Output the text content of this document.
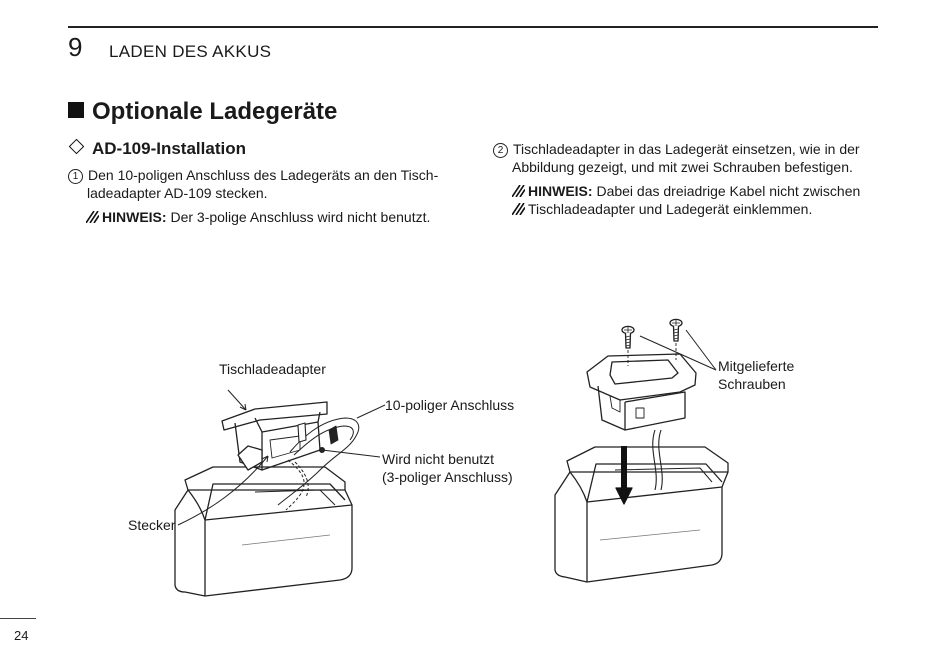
9 LADEN DES AKKUS
Optionale Ladegeräte
AD-109-Installation
1 Den 10-poligen Anschluss des Ladegeräts an den Tisch-
ladeadapter AD-109 stecken.
HINWEIS: Der 3-polige Anschluss wird nicht benutzt.
2 Tischladeadapter in das Ladegerät einsetzen, wie in der
Abbildung gezeigt, und mit zwei Schrauben befestigen.
HINWEIS: Dabei das dreiadrige Kabel nicht zwischen
Tischladeadapter und Ladegerät einklemmen.
Tischladeadapter
10-poliger Anschluss
Wird nicht benutzt
(3-poliger Anschluss)
Stecker
Mitgelieferte
Schrauben
24
